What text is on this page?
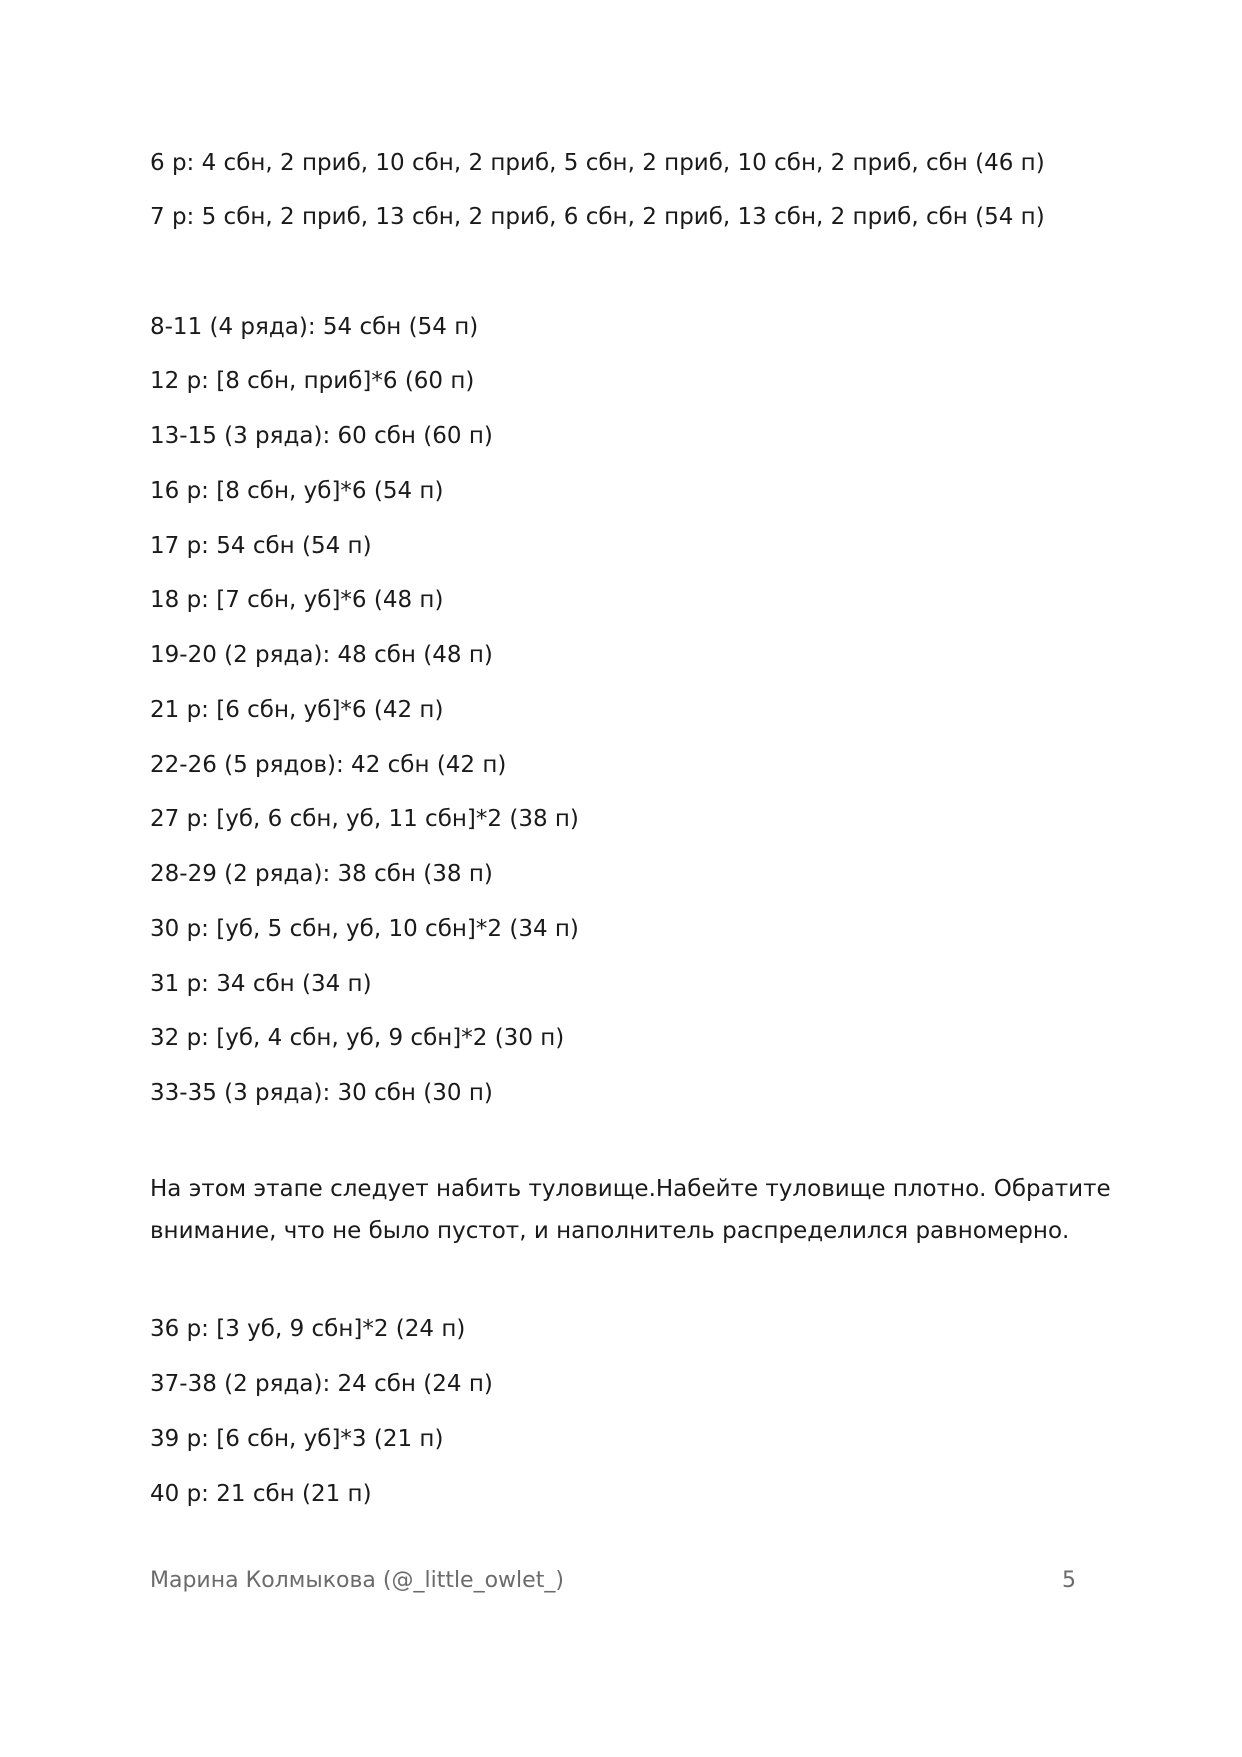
6 р: 4 сбн, 2 приб, 10 сбн, 2 приб, 5 сбн, 2 приб, 10 сбн, 2 приб, сбн (46 п)
7 р: 5 сбн, 2 приб, 13 сбн, 2 приб, 6 сбн, 2 приб, 13 сбн, 2 приб, сбн (54 п)
8-11 (4 ряда): 54 сбн (54 п)
12 р: [8 сбн, приб]*6 (60 п)
13-15 (3 ряда): 60 сбн (60 п)
16 р: [8 сбн, уб]*6 (54 п)
17 р: 54 сбн (54 п)
18 р: [7 сбн, уб]*6 (48 п)
19-20 (2 ряда): 48 сбн (48 п)
21 р: [6 сбн, уб]*6 (42 п)
22-26 (5 рядов): 42 сбн (42 п)
27 р: [уб, 6 сбн, уб, 11 сбн]*2 (38 п)
28-29 (2 ряда): 38 сбн (38 п)
30 р: [уб, 5 сбн, уб, 10 сбн]*2 (34 п)
31 р: 34 сбн (34 п)
32 р: [уб, 4 сбн, уб, 9 сбн]*2 (30 п)
33-35 (3 ряда): 30 сбн (30 п)
На этом этапе следует набить туловище.Набейте туловище плотно. Обратите
внимание, что не было пустот, и наполнитель распределился равномерно.
36 р: [3 уб, 9 сбн]*2 (24 п)
37-38 (2 ряда): 24 сбн (24 п)
39 р: [6 сбн, уб]*3 (21 п)
40 р: 21 сбн (21 п)
Марина Колмыкова (@_little_owlet_)	5
